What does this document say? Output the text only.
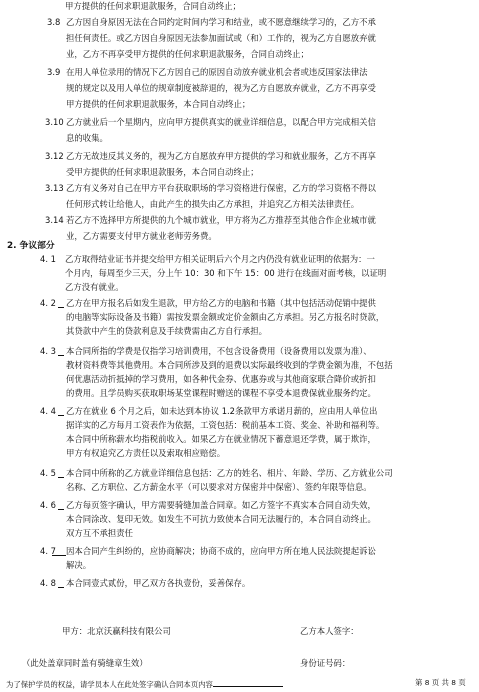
甲方提供的任何求职退款服务，合同自动终止；
3.8 乙方因自身原因无法在合同约定时间内学习和结业，或不愿意继续学习的，乙方不承
担任何责任。或乙方因自身原因无法参加面试或（和）工作的，视为乙方自愿放弃就
业，乙方不再享受甲方提供的任何求职退款服务，合同自动终止；
3.9 在用人单位录用的情况下乙方因自己的原因自动放弃就业机会者或违反国家法律法
规的规定以及用人单位的规章制度被辞退的，视为乙方自愿放弃就业，乙方不再享受
甲方提供的任何求职退款服务，本合同自动终止；
3.10 乙方就业后一个星期内，应向甲方提供真实的就业详细信息，以配合甲方完成相关信
息的收集。
3.12 乙方无故违反其义务的，视为乙方自愿放弃甲方提供的学习和就业服务，乙方不再享
受甲方提供的任何求职退款服务，本合同自动终止；
3.13 乙方有义务对自己在甲方平台获取职场的学习资格进行保密，乙方的学习资格不得以
任何形式转让给他人，由此产生的损失由乙方承担，并追究乙方相关法律责任。
3.14 若乙方不选择甲方所提供的九个城市就业，甲方将为乙方推荐至其他合作企业城市就
业，乙方需要支付甲方就业老师劳务费。
2. 争议部分
4. 1 乙方取得结业证书并提交给甲方相关证明后六个月之内仍没有就业证明的依据为：一
个月内，每周至少三天，分上午 10：30 和下午 15：00 进行在线面对面考核，以证明
乙方没有就业。
4. 2 乙方在甲方报名后如发生退款，甲方给乙方的电脑和书籍（其中包括活动促销中提供
的电脑等实际设备及书籍）需按发票金额或定价金额由乙方承担。另乙方报名时贷款，
其贷款中产生的贷款利息及手续费需由乙方自行承担。
4. 3 本合同所指的学费是仅指学习培训费用，不包含设备费用（设备费用以发票为准）、
教材资料费等其他费用。本合同所涉及到的退费以实际最终收到的学费金额为准，不包括
何优惠活动折抵掉的学习费用，如各种代金券、优惠券或与其他商家联合降价或折扣
的费用。且学员购买获取职场某堂课程时赠送的课程不享受本退费保就业服务约定。
4. 4 乙方在就业 6 个月之后，如未达到本协议 1.2条款甲方承诺月薪的，应由用人单位出
据详实的乙方每月工资表作为依据，工资包括：税前基本工资、奖金、补助和福利等。
本合同中所称薪水均指税前收入。如果乙方在就业情况下蓄意退还学费，属于欺诈，
甲方有权追究乙方责任以及索取相应赔偿。
4. 5 本合同中所称的乙方就业详细信息包括：乙方的姓名、相片、年龄、学历、乙方就业公司
名称、乙方职位、乙方薪金水平（可以要求对方保密并中保密）、签约年限等信息。
4. 6 乙方每页签字确认，甲方需要骑缝加盖合同章。如乙方签字不真实本合同自动失效，
本合同涂改、复印无效。如发生不可抗力致使本合同无法履行的，本合同自动终止。
双方互不承担责任
4. 7 因本合同产生纠纷的，应协商解决；协商不成的，应向甲方所在地人民法院提起诉讼
解决。
4. 8 本合同壹式贰份，甲乙双方各执壹份，妥善保存。
甲方：北京沃赢科技有限公司	乙方本人签字：
（此处盖章同时盖有骑缝章生效）	身份证号码：
为了保护学员的权益，请学员本人在此处签字确认合同本页内容	第 8 页 共 8 页
